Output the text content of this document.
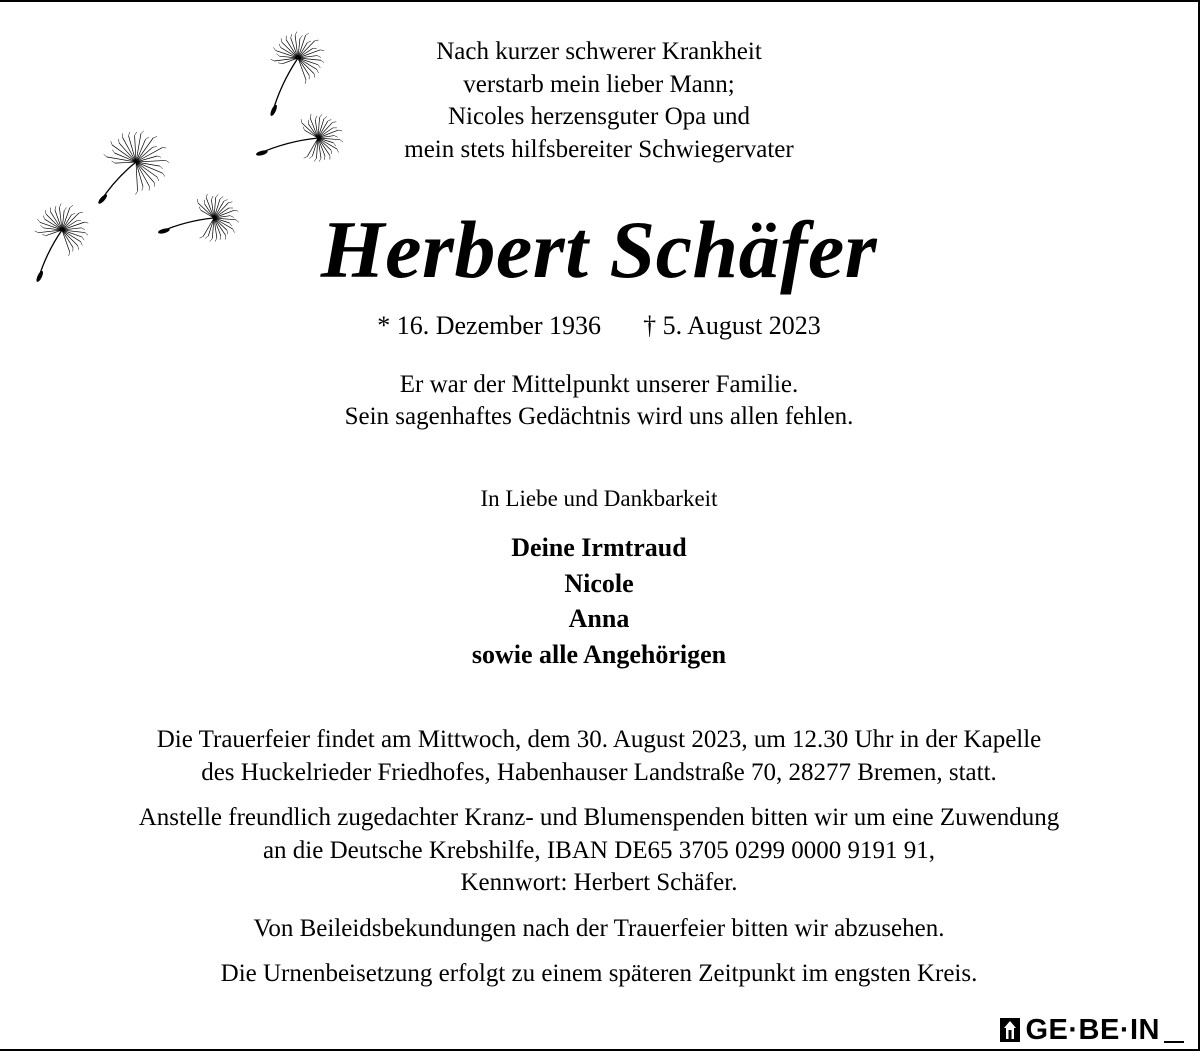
Nach kurzer schwerer Krankheit
verstarb mein lieber Mann;
Nicoles herzensguter Opa und
mein stets hilfsbereiter Schwiegervater
Herbert Schäfer
* 16. Dezember 1936 † 5. August 2023
Er war der Mittelpunkt unserer Familie.
Sein sagenhaftes Gedächtnis wird uns allen fehlen.
In Liebe und Dankbarkeit
Deine Irmtraud
Nicole
Anna
sowie alle Angehörigen
Die Trauerfeier findet am Mittwoch, dem 30. August 2023, um 12.30 Uhr in der Kapelle
des Huckelrieder Friedhofes, Habenhauser Landstraße 70, 28277 Bremen, statt.
Anstelle freundlich zugedachter Kranz- und Blumenspenden bitten wir um eine Zuwendung
an die Deutsche Krebshilfe, IBAN DE65 3705 0299 0000 9191 91,
Kennwort: Herbert Schäfer.
Von Beileidsbekundungen nach der Trauerfeier bitten wir abzusehen.
Die Urnenbeisetzung erfolgt zu einem späteren Zeitpunkt im engsten Kreis.
GE·BE·IN
